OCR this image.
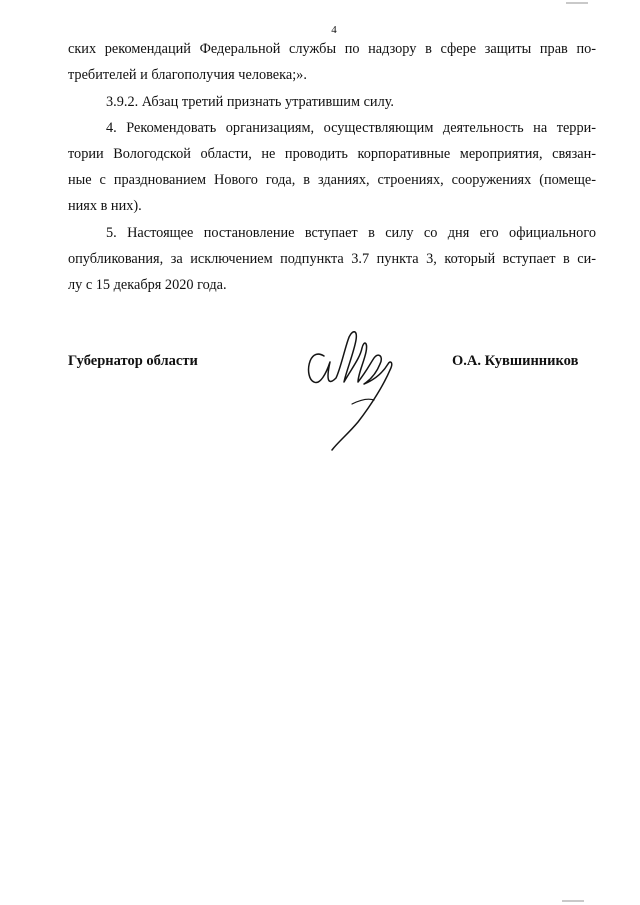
4
ских рекомендаций Федеральной службы по надзору в сфере защиты прав по-
требителей и благополучия человека;».
3.9.2. Абзац третий признать утратившим силу.
4. Рекомендовать организациям, осуществляющим деятельность на терри-
тории Вологодской области, не проводить корпоративные мероприятия, связан-
ные с празднованием Нового года, в зданиях, строениях, сооружениях (помеще-
ниях в них).
5. Настоящее постановление вступает в силу со дня его официального
опубликования, за исключением подпункта 3.7 пункта 3, который вступает в си-
лу с 15 декабря 2020 года.
Губернатор области	О.А. Кувшинников
